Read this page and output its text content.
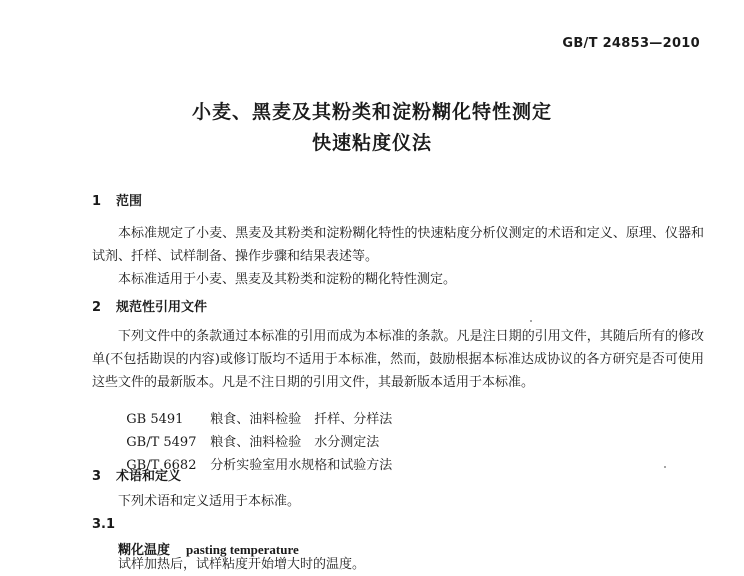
GB/T 24853—2010
小麦、黑麦及其粉类和淀粉糊化特性测定
快速粘度仪法
1 范围
本标准规定了小麦、黑麦及其粉类和淀粉糊化特性的快速粘度分析仪测定的术语和定义、原理、仪器和试剂、扦样、试样制备、操作步骤和结果表述等。
本标准适用于小麦、黑麦及其粉类和淀粉的糊化特性测定。
2 规范性引用文件
下列文件中的条款通过本标准的引用而成为本标准的条款。凡是注日期的引用文件，其随后所有的修改单(不包括勘误的内容)或修订版均不适用于本标准，然而，鼓励根据本标准达成协议的各方研究是否可使用这些文件的最新版本。凡是不注日期的引用文件，其最新版本适用于本标准。

GB 5491 粮食、油料检验　扦样、分样法

GB/T 5497 粮食、油料检验　水分测定法

GB/T 6682 分析实验室用水规格和试验方法

3 术语和定义
下列术语和定义适用于本标准。
3.1
糊化温度 pasting temperature
试样加热后，试样粘度开始增大时的温度。
